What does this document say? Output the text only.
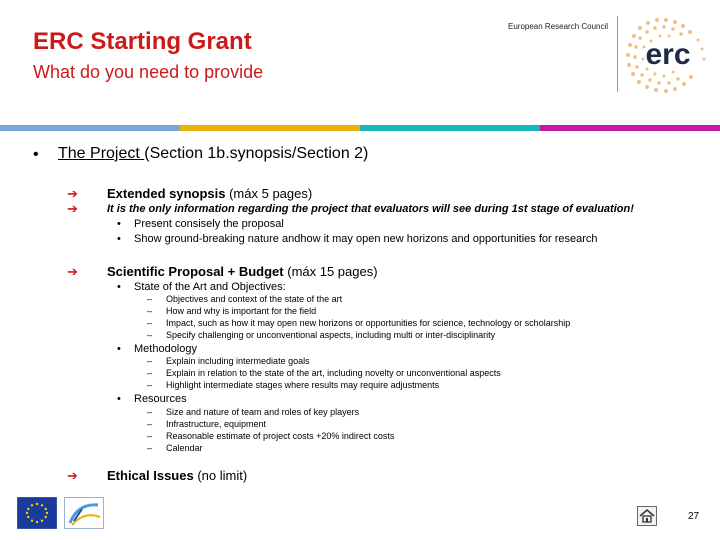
ERC Starting Grant
What do you need to provide
European Research Council
erc
• The Project (Section 1b.synopsis/Section 2)
➔ Extended synopsis (máx 5 pages)
➔	It is the only information regarding the project that evaluators will see during 1st stage of evaluation!
• Present consisely the proposal
• Show ground-breaking nature andhow it may open new horizons and opportunities for research
➔ Scientific Proposal + Budget (máx 15 pages)
• State of the Art and Objectives:
– Objectives and context of the state of the art
– How and why is important for the field
– Impact, such as how it may open new horizons or opportunities for science, technology or scholarship
– Specify challenging or unconventional aspects, including multi or inter-disciplinarity
• Methodology
– Explain including intermediate goals
– Explain in relation to the state of the art, including novelty or unconventional aspects
– Highlight intermediate stages where results may require adjustments
• Resources
– Size and nature of team and roles of key players
– Infrastructure, equipment
– Reasonable estimate of project costs +20% indirect costs
– Calendar
➔ Ethical Issues (no limit)
27
